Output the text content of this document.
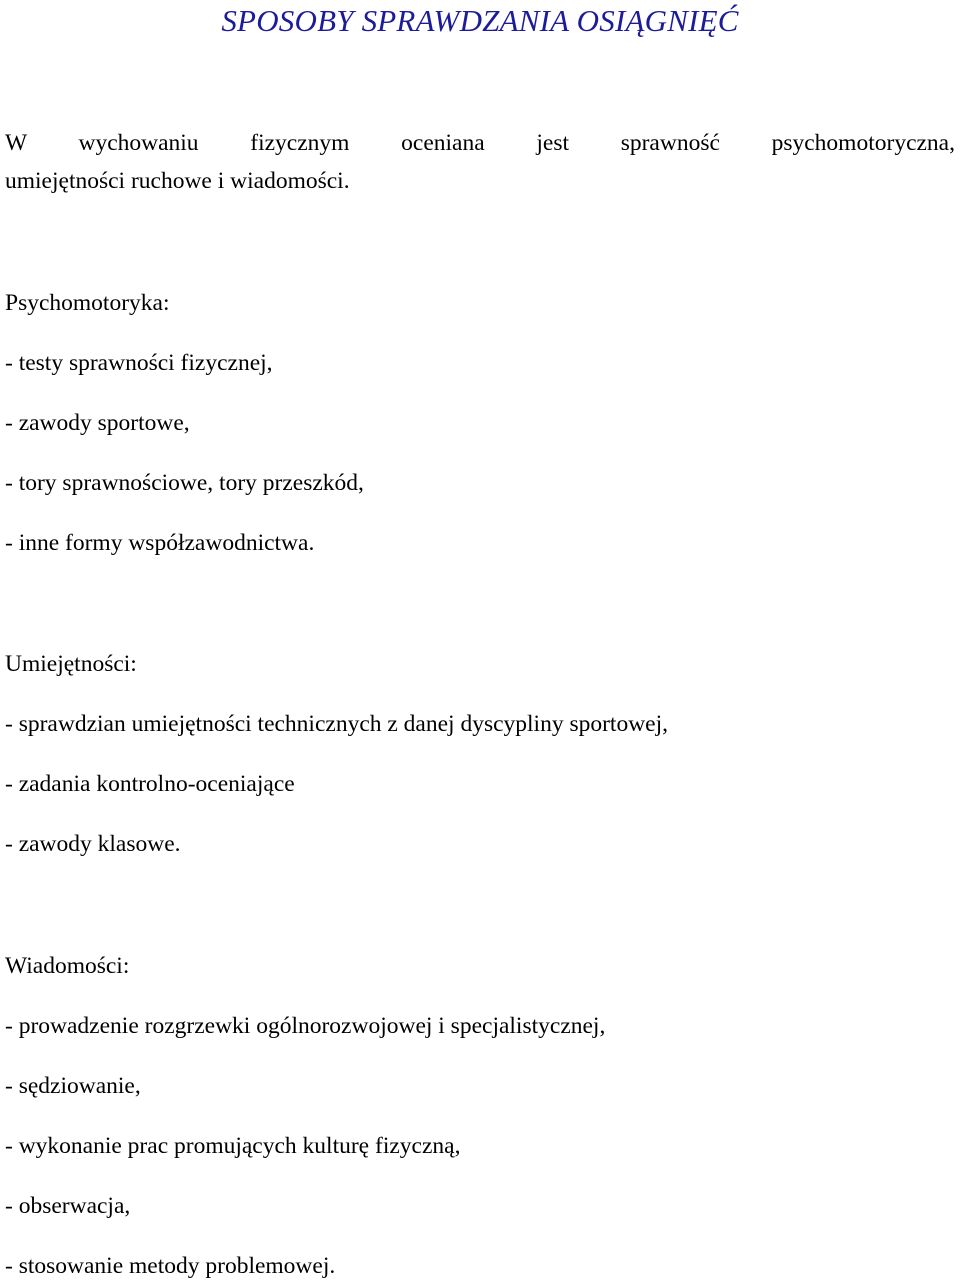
SPOSOBY SPRAWDZANIA OSIĄGNIĘĆ

W wychowaniu fizycznym oceniana jest sprawność psychomotoryczna,
umiejętności ruchowe i wiadomości.

Psychomotoryka:

- testy sprawności fizycznej,
- zawody sportowe,
- tory sprawnościowe, tory przeszkód,
- inne formy współzawodnictwa.

Umiejętności:

- sprawdzian umiejętności technicznych z danej dyscypliny sportowej,
- zadania kontrolno-oceniające
- zawody klasowe.

Wiadomości:

- prowadzenie rozgrzewki ogólnorozwojowej i specjalistycznej,
- sędziowanie,
- wykonanie prac promujących kulturę fizyczną,
- obserwacja,
- stosowanie metody problemowej.
